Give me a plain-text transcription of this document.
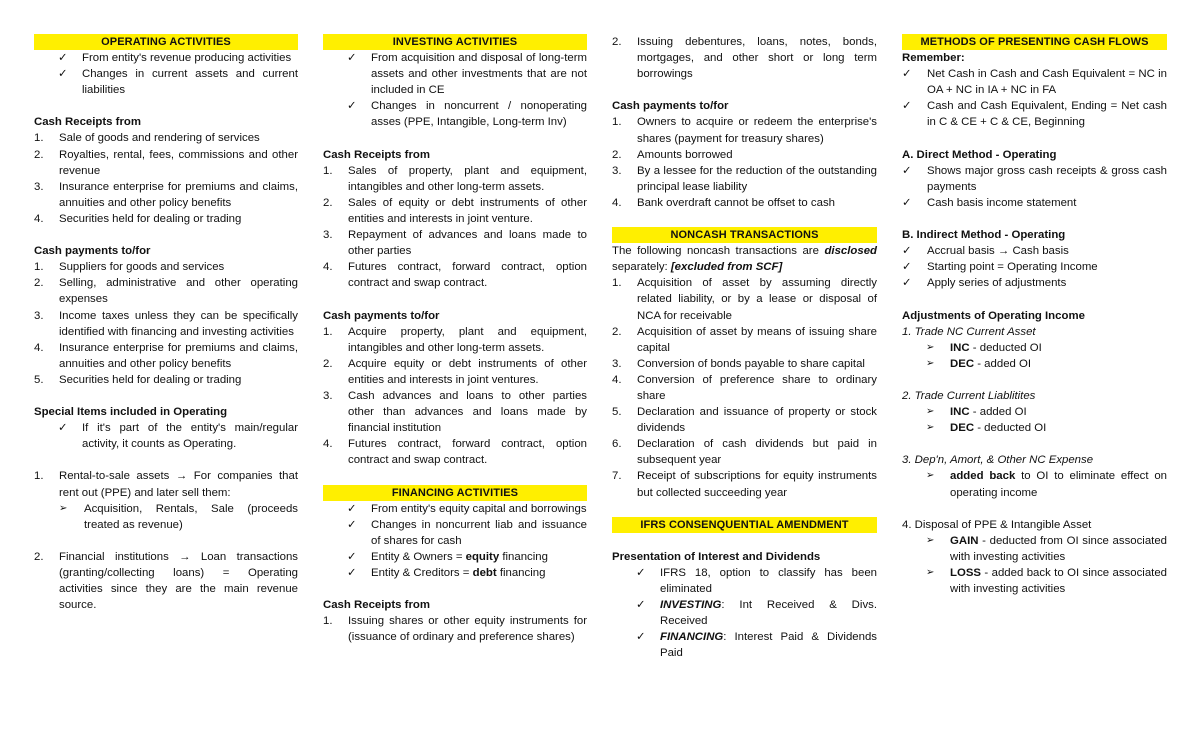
OPERATING ACTIVITIES
✓	From entity's revenue producing activities
✓	Changes in current assets and current liabilities
Cash Receipts from
1.	Sale of goods and rendering of services
2.	Royalties, rental, fees, commissions and other revenue
3.	Insurance enterprise for premiums and claims, annuities and other policy benefits
4.	Securities held for dealing or trading
Cash payments to/for
1.	Suppliers for goods and services
2.	Selling, administrative and other operating expenses
3.	Income taxes unless they can be specifically identified with financing and investing activities
4.	Insurance enterprise for premiums and claims, annuities and other policy benefits
5.	Securities held for dealing or trading
Special Items included in Operating
✓	If it's part of the entity's main/regular activity, it counts as Operating.
1.	Rental-to-sale assets → For companies that rent out (PPE) and later sell them:
➢	Acquisition, Rentals, Sale (proceeds treated as revenue)
2.	Financial institutions → Loan transactions (granting/collecting loans) = Operating activities since they are the main revenue source.
INVESTING ACTIVITIES
✓	From acquisition and disposal of long-term assets and other investments that are not included in CE
✓	Changes in noncurrent / nonoperating asses (PPE, Intangible, Long-term Inv)
Cash Receipts from
1.	Sales of property, plant and equipment, intangibles and other long-term assets.
2.	Sales of equity or debt instruments of other entities and interests in joint venture.
3.	Repayment of advances and loans made to other parties
4.	Futures contract, forward contract, option contract and swap contract.
Cash payments to/for
1.	Acquire property, plant and equipment, intangibles and other long-term assets.
2.	Acquire equity or debt instruments of other entities and interests in joint ventures.
3.	Cash advances and loans to other parties other than advances and loans made by financial institution
4.	Futures contract, forward contract, option contract and swap contract.
FINANCING ACTIVITIES
✓	From entity's equity capital and borrowings
✓	Changes in noncurrent liab and issuance of shares for cash
✓	Entity & Owners = equity financing
✓	Entity & Creditors = debt financing
Cash Receipts from
1.	Issuing shares or other equity instruments for (issuance of ordinary and preference shares)
2.	Issuing debentures, loans, notes, bonds, mortgages, and other short or long term borrowings
Cash payments to/for
1.	Owners to acquire or redeem the enterprise's shares (payment for treasury shares)
2.	Amounts borrowed
3.	By a lessee for the reduction of the outstanding principal lease liability
4.	Bank overdraft cannot be offset to cash
NONCASH TRANSACTIONS
The following noncash transactions are disclosed separately: [excluded from SCF]
1.	Acquisition of asset by assuming directly related liability, or by a lease or disposal of NCA for receivable
2.	Acquisition of asset by means of issuing share capital
3.	Conversion of bonds payable to share capital
4.	Conversion of preference share to ordinary share
5.	Declaration and issuance of property or stock dividends
6.	Declaration of cash dividends but paid in subsequent year
7.	Receipt of subscriptions for equity instruments but collected succeeding year
IFRS CONSENQUENTIAL AMENDMENT
Presentation of Interest and Dividends
✓	IFRS 18, option to classify has been eliminated
✓	INVESTING: Int Received & Divs. Received
✓	FINANCING: Interest Paid & Dividends Paid
METHODS OF PRESENTING CASH FLOWS
Remember:
✓	Net Cash in Cash and Cash Equivalent = NC in OA + NC in IA + NC in FA
✓	Cash and Cash Equivalent, Ending = Net cash in C & CE + C & CE, Beginning
A. Direct Method - Operating
✓	Shows major gross cash receipts & gross cash payments
✓	Cash basis income statement
B. Indirect Method - Operating
✓	Accrual basis → Cash basis
✓	Starting point = Operating Income
✓	Apply series of adjustments
Adjustments of Operating Income
1. Trade NC Current Asset
➢	INC - deducted OI
➢	DEC - added OI
2. Trade Current Liablitites
➢	INC - added OI
➢	DEC - deducted OI
3. Dep'n, Amort, & Other NC Expense
➢	added back to OI to eliminate effect on operating income
4. Disposal of PPE & Intangible Asset
➢	GAIN - deducted from OI since associated with investing activities
➢	LOSS - added back to OI since associated with investing activities
